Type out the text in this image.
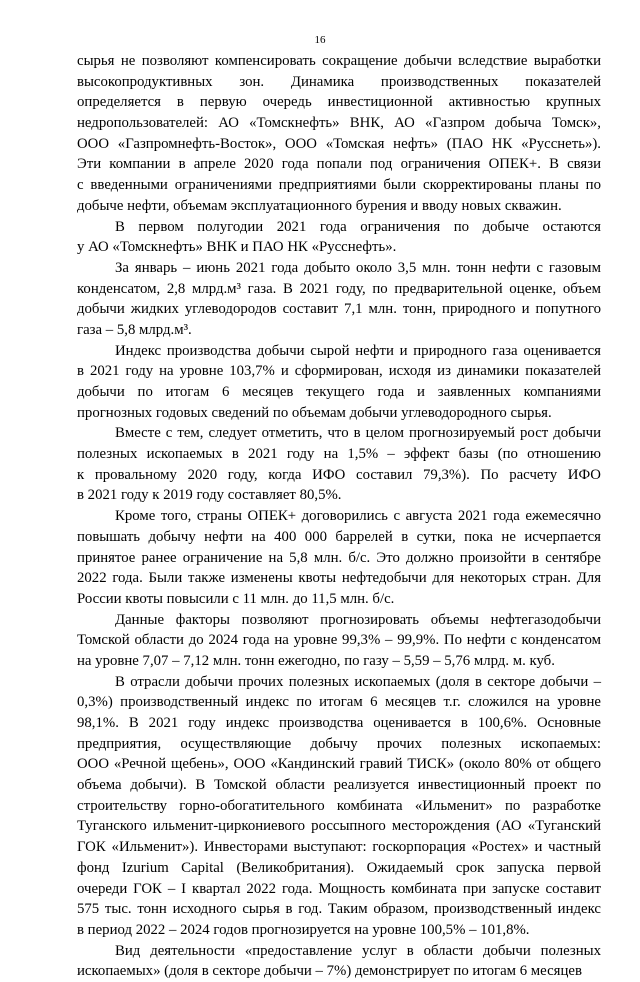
16
сырья не позволяют компенсировать сокращение добычи вследствие выработки
высокопродуктивных зон. Динамика производственных показателей
определяется в первую очередь инвестиционной активностью крупных
недропользователей: АО «Томскнефть» ВНК, АО «Газпром добыча Томск»,
ООО «Газпромнефть-Восток», ООО «Томская нефть» (ПАО НК «Русснеть»).
Эти компании в апреле 2020 года попали под ограничения ОПЕК+. В связи
с введенными ограничениями предприятиями были скорректированы планы по
добыче нефти, объемам эксплуатационного бурения и вводу новых скважин.
В первом полугодии 2021 года ограничения по добыче остаются
у АО «Томскнефть» ВНК и ПАО НК «Русснефть».
За январь – июнь 2021 года добыто около 3,5 млн. тонн нефти с газовым
конденсатом, 2,8 млрд.м³ газа. В 2021 году, по предварительной оценке, объем
добычи жидких углеводородов составит 7,1 млн. тонн, природного и попутного
газа – 5,8 млрд.м³.
Индекс производства добычи сырой нефти и природного газа оценивается
в 2021 году на уровне 103,7% и сформирован, исходя из динамики показателей
добычи по итогам 6 месяцев текущего года и заявленных компаниями
прогнозных годовых сведений по объемам добычи углеводородного сырья.
Вместе с тем, следует отметить, что в целом прогнозируемый рост добычи
полезных ископаемых в 2021 году на 1,5% – эффект базы (по отношению
к провальному 2020 году, когда ИФО составил 79,3%). По расчету ИФО
в 2021 году к 2019 году составляет 80,5%.
Кроме того, страны ОПЕК+ договорились с августа 2021 года ежемесячно
повышать добычу нефти на 400 000 баррелей в сутки, пока не исчерпается
принятое ранее ограничение на 5,8 млн. б/с. Это должно произойти в сентябре
2022 года. Были также изменены квоты нефтедобычи для некоторых стран. Для
России квоты повысили с 11 млн. до 11,5 млн. б/с.
Данные факторы позволяют прогнозировать объемы нефтегазодобычи
Томской области до 2024 года на уровне 99,3% – 99,9%. По нефти с конденсатом
на уровне 7,07 – 7,12 млн. тонн ежегодно, по газу – 5,59 – 5,76 млрд. м. куб.
В отрасли добычи прочих полезных ископаемых (доля в секторе добычи –
0,3%) производственный индекс по итогам 6 месяцев т.г. сложился на уровне
98,1%. В 2021 году индекс производства оценивается в 100,6%. Основные
предприятия, осуществляющие добычу прочих полезных ископаемых:
ООО «Речной щебень», ООО «Кандинский гравий ТИСК» (около 80% от общего
объема добычи). В Томской области реализуется инвестиционный проект по
строительству горно-обогатительного комбината «Ильменит» по разработке
Туганского ильменит-циркониевого россыпного месторождения (АО «Туганский
ГОК «Ильменит»). Инвесторами выступают: госкорпорация «Ростех» и частный
фонд Izurium Capital (Великобритания). Ожидаемый срок запуска первой
очереди ГОК – I квартал 2022 года. Мощность комбината при запуске составит
575 тыс. тонн исходного сырья в год. Таким образом, производственный индекс
в период 2022 – 2024 годов прогнозируется на уровне 100,5% – 101,8%.
Вид деятельности «предоставление услуг в области добычи полезных
ископаемых» (доля в секторе добычи – 7%) демонстрирует по итогам 6 месяцев
